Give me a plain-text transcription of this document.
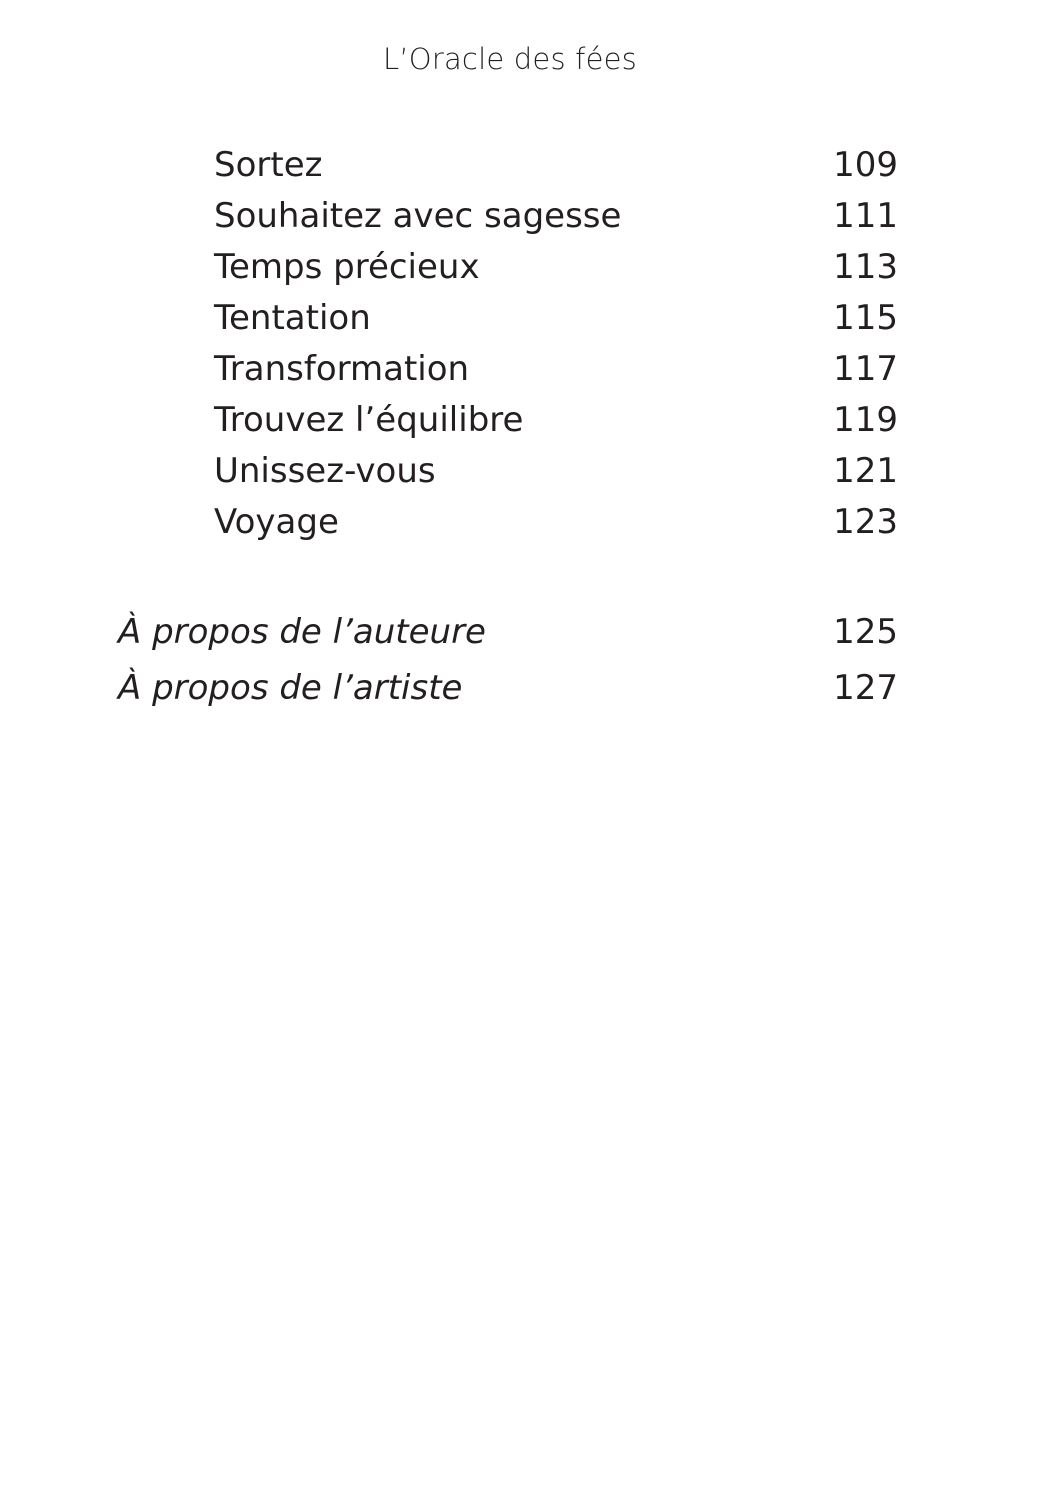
L’Oracle des fées
Sortez	109
Souhaitez avec sagesse	111
Temps précieux	113
Tentation	115
Transformation	117
Trouvez l’équilibre	119
Unissez-vous	121
Voyage	123
À propos de l’auteure	125
À propos de l’artiste	127
